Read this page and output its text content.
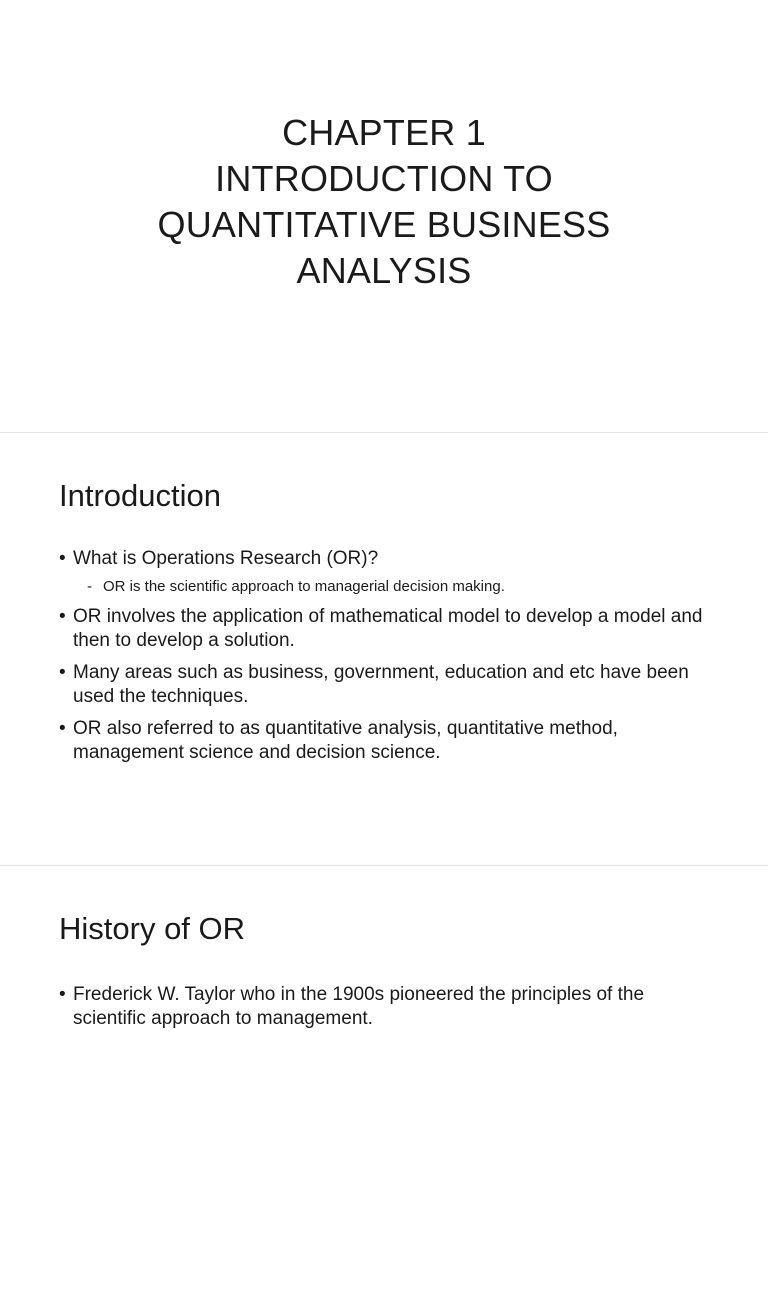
CHAPTER 1
INTRODUCTION TO
QUANTITATIVE BUSINESS
ANALYSIS
Introduction
• What is Operations Research (OR)?
- OR is the scientific approach to managerial decision making.
• OR involves the application of mathematical model to develop a model and then to develop a solution.
• Many areas such as business, government, education and etc have been used the techniques.
• OR also referred to as quantitative analysis, quantitative method, management science and decision science.
History of OR
• Frederick W. Taylor who in the 1900s pioneered the principles of the scientific approach to management.
